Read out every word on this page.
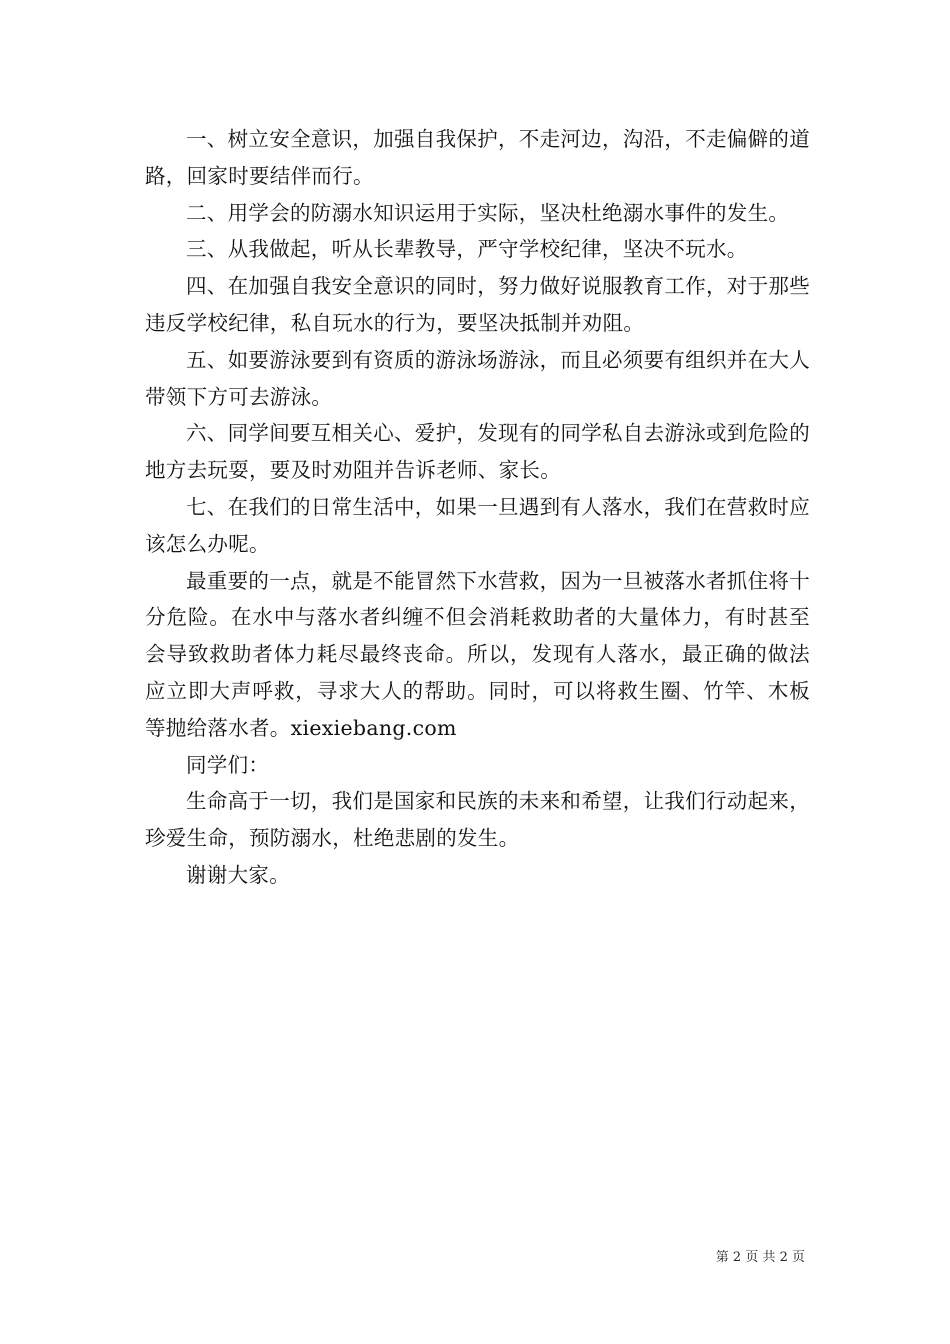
一、树立安全意识，加强自我保护，不走河边，沟沿，不走偏僻的道路，回家时要结伴而行。

二、用学会的防溺水知识运用于实际，坚决杜绝溺水事件的发生。

三、从我做起，听从长辈教导，严守学校纪律，坚决不玩水。

四、在加强自我安全意识的同时，努力做好说服教育工作，对于那些违反学校纪律，私自玩水的行为，要坚决抵制并劝阻。

五、如要游泳要到有资质的游泳场游泳，而且必须要有组织并在大人带领下方可去游泳。

六、同学间要互相关心、爱护，发现有的同学私自去游泳或到危险的地方去玩耍，要及时劝阻并告诉老师、家长。

七、在我们的日常生活中，如果一旦遇到有人落水，我们在营救时应该怎么办呢。

最重要的一点，就是不能冒然下水营救，因为一旦被落水者抓住将十分危险。在水中与落水者纠缠不但会消耗救助者的大量体力，有时甚至会导致救助者体力耗尽最终丧命。所以，发现有人落水，最正确的做法应立即大声呼救，寻求大人的帮助。同时，可以将救生圈、竹竿、木板等抛给落水者。xiexiebang.com

同学们：

生命高于一切，我们是国家和民族的未来和希望，让我们行动起来，珍爱生命，预防溺水，杜绝悲剧的发生。

谢谢大家。

第 2 页 共 2 页
